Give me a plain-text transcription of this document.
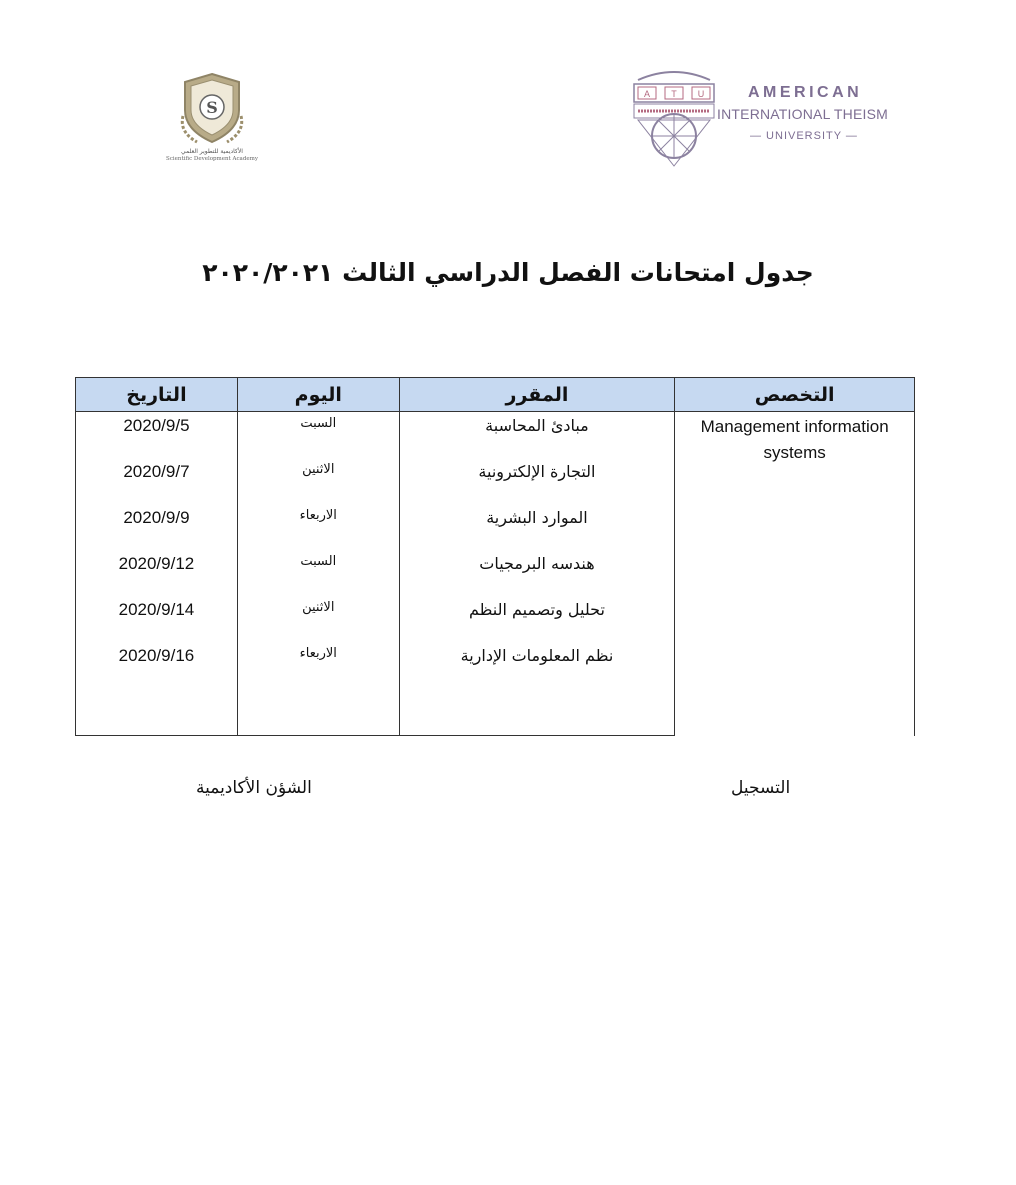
S
الأكاديمية للتطوير العلمي
Scientific Development Academy
A T U	AMERICAN
INTERNATIONAL THEISM
— UNIVERSITY —
جدول امتحانات الفصل الدراسي الثالث ٢٠٢٠/٢٠٢١
التخصص	المقرر	اليوم	التاريخ
Management information systems	مبادئ المحاسبة	السبت	2020/9/5

	التجارة الإلكترونية	الاثنين	2020/9/7

	الموارد البشرية	الاربعاء	2020/9/9

	هندسه البرمجيات	السبت	2020/9/12

	تحليل وتصميم النظم	الاثنين	2020/9/14

	نظم المعلومات الإدارية	الاربعاء	2020/9/16

التسجيل
الشؤن الأكاديمية
